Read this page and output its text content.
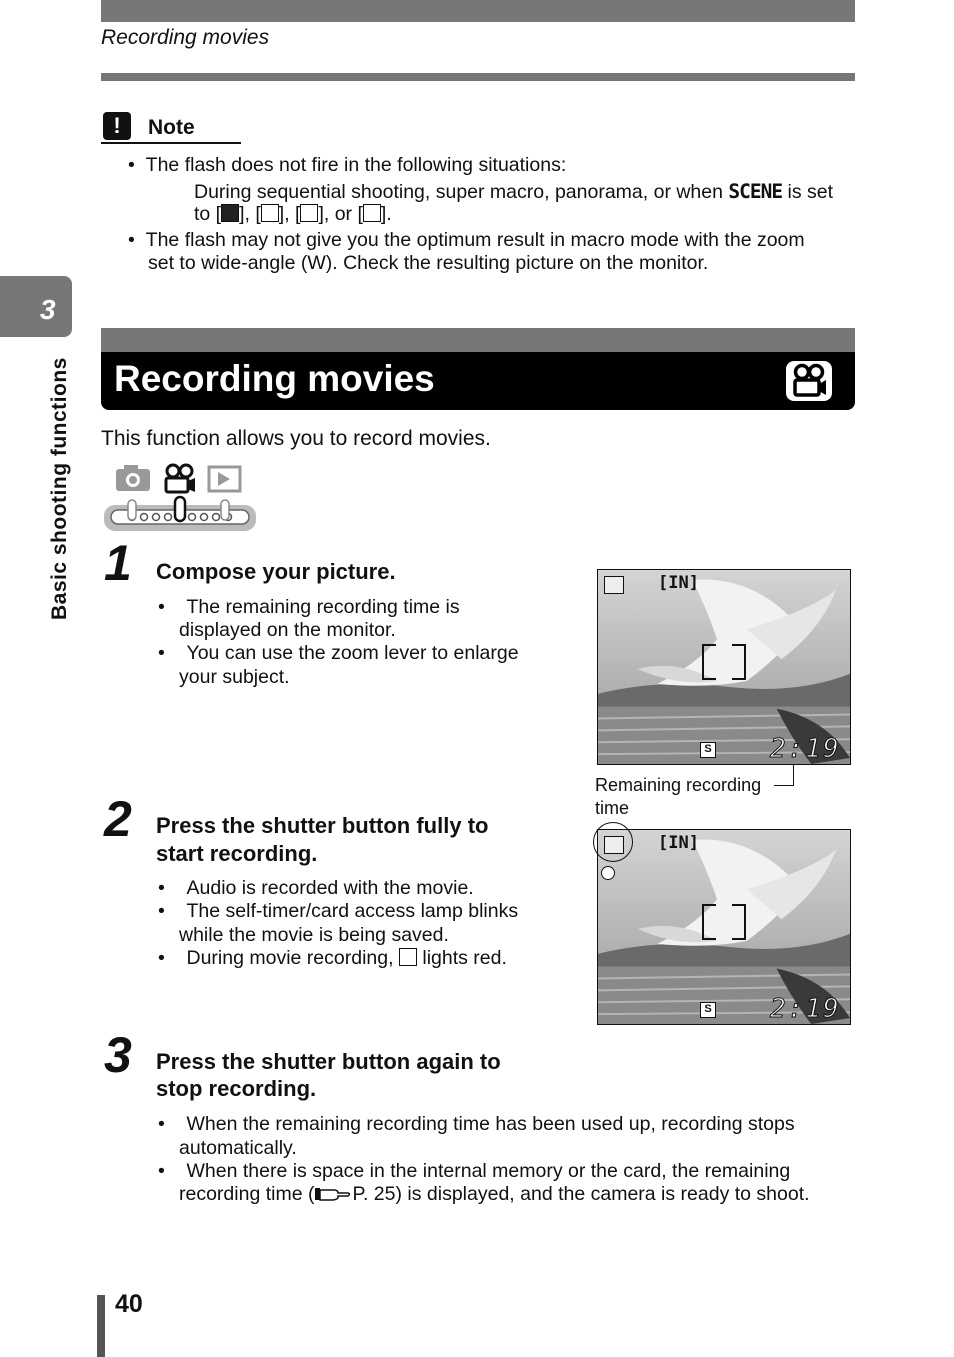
Recording movies
3
Basic shooting functions
!	Note
• The flash does not fire in the following situations:
During sequential shooting, super macro, panorama, or when SCENE is set
to [ ], [ ], [ ], or [ ].
• The flash may not give you the optimum result in macro mode with the zoom
set to wide-angle (W). Check the resulting picture on the monitor.
Recording movies
This function allows you to record movies.
1 Compose your picture.
•    The remaining recording time is
displayed on the monitor.
•    You can use the zoom lever to enlarge
your subject.
[IN]
S 2:19
Remaining recording
time
2 Press the shutter button fully to
start recording.
•    Audio is recorded with the movie.
•    The self-timer/card access lamp blinks
while the movie is being saved.
•    During movie recording, lights red.
[IN]
S 2:19
3 Press the shutter button again to
stop recording.
•    When the remaining recording time has been used up, recording stops
automatically.
•    When there is space in the internal memory or the card, the remaining
recording time ( P. 25) is displayed, and the camera is ready to shoot.
40
